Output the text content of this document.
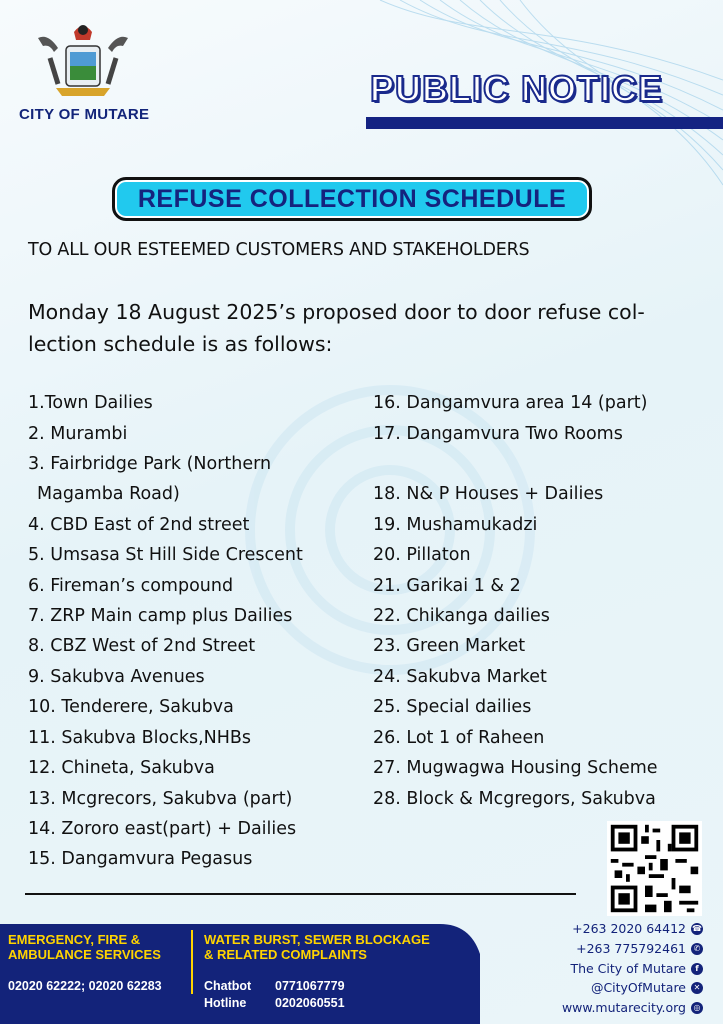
CITY OF MUTARE
PUBLIC NOTICE
REFUSE COLLECTION SCHEDULE
TO ALL OUR ESTEEMED CUSTOMERS AND STAKEHOLDERS
Monday 18 August 2025’s proposed door to door refuse col-
lection schedule is as follows:
1.Town Dailies
2. Murambi
3. Fairbridge Park (Northern
Magamba Road)
4. CBD East of 2nd street
5. Umsasa St Hill Side Crescent
6. Fireman’s compound
7. ZRP Main camp plus Dailies
8. CBZ West of 2nd Street
9. Sakubva Avenues
10. Tenderere, Sakubva
11. Sakubva Blocks,NHBs
12. Chineta, Sakubva
13. Mcgrecors, Sakubva (part)
14. Zororo east(part) + Dailies
15. Dangamvura Pegasus
16. Dangamvura area 14 (part)
17. Dangamvura Two Rooms
18. N& P Houses + Dailies
19. Mushamukadzi
20. Pillaton
21. Garikai 1 & 2
22. Chikanga dailies
23. Green Market
24. Sakubva Market
25. Special dailies
26. Lot 1 of Raheen
27. Mugwagwa Housing Scheme
28. Block & Mcgregors, Sakubva
EMERGENCY, FIRE &
AMBULANCE SERVICES
02020 62222; 02020 62283
WATER BURST, SEWER BLOCKAGE
& RELATED COMPLAINTS
Chatbot 0771067779
Hotline 0202060551
+263 2020 64412 ☎
+263 775792461 ✆
The City of Mutare	f
@CityOfMutare ✕
www.mutarecity.org ◎
